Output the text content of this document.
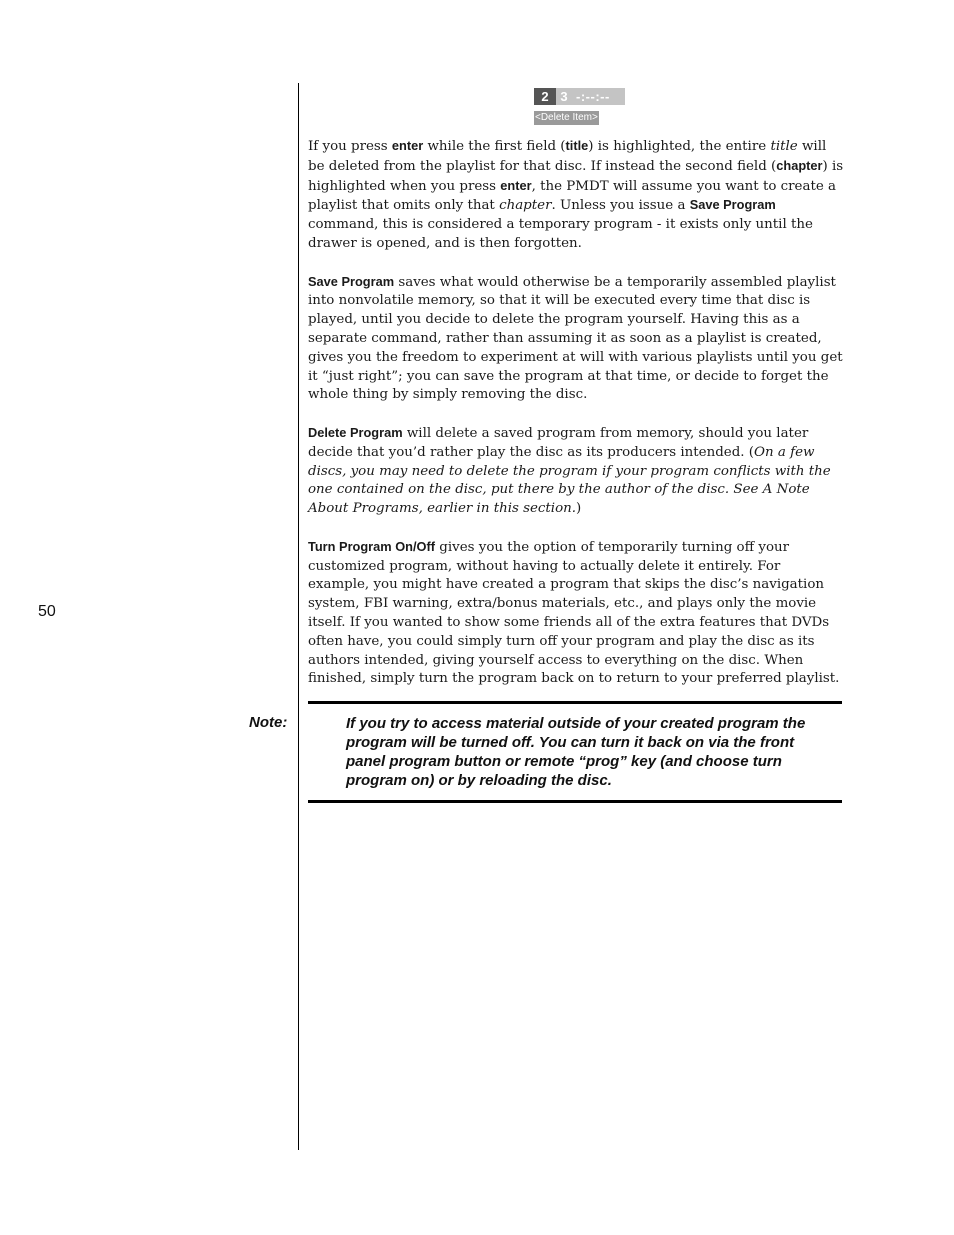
50
2 3 -:--:--
<Delete Item>

If you press enter while the first field (title) is highlighted, the entire title will be deleted from the playlist for that disc. If instead the second field (chapter) is highlighted when you press enter, the PMDT will assume you want to create a playlist that omits only that chapter. Unless you issue a Save Program command, this is considered a temporary program - it exists only until the drawer is opened, and is then forgotten.

Save Program saves what would otherwise be a temporarily assembled playlist into nonvolatile memory, so that it will be executed every time that disc is played, until you decide to delete the program yourself. Having this as a separate command, rather than assuming it as soon as a playlist is created, gives you the freedom to experiment at will with various playlists until you get it “just right”; you can save the program at that time, or decide to forget the whole thing by simply removing the disc.

Delete Program will delete a saved program from memory, should you later decide that you’d rather play the disc as its producers intended. (On a few discs, you may need to delete the program if your program conflicts with the one contained on the disc, put there by the author of the disc. See A Note About Programs, earlier in this section.)

Turn Program On/Off gives you the option of temporarily turning off your customized program, without having to actually delete it entirely. For example, you might have created a program that skips the disc’s navigation system, FBI warning, extra/bonus materials, etc., and plays only the movie itself. If you wanted to show some friends all of the extra features that DVDs often have, you could simply turn off your program and play the disc as its authors intended, giving yourself access to everything on the disc. When finished, simply turn the program back on to return to your preferred playlist.

Note:	If you try to access material outside of your created program the program will be turned off. You can turn it back on via the front panel program button or remote “prog” key (and choose turn program on) or by reloading the disc.
